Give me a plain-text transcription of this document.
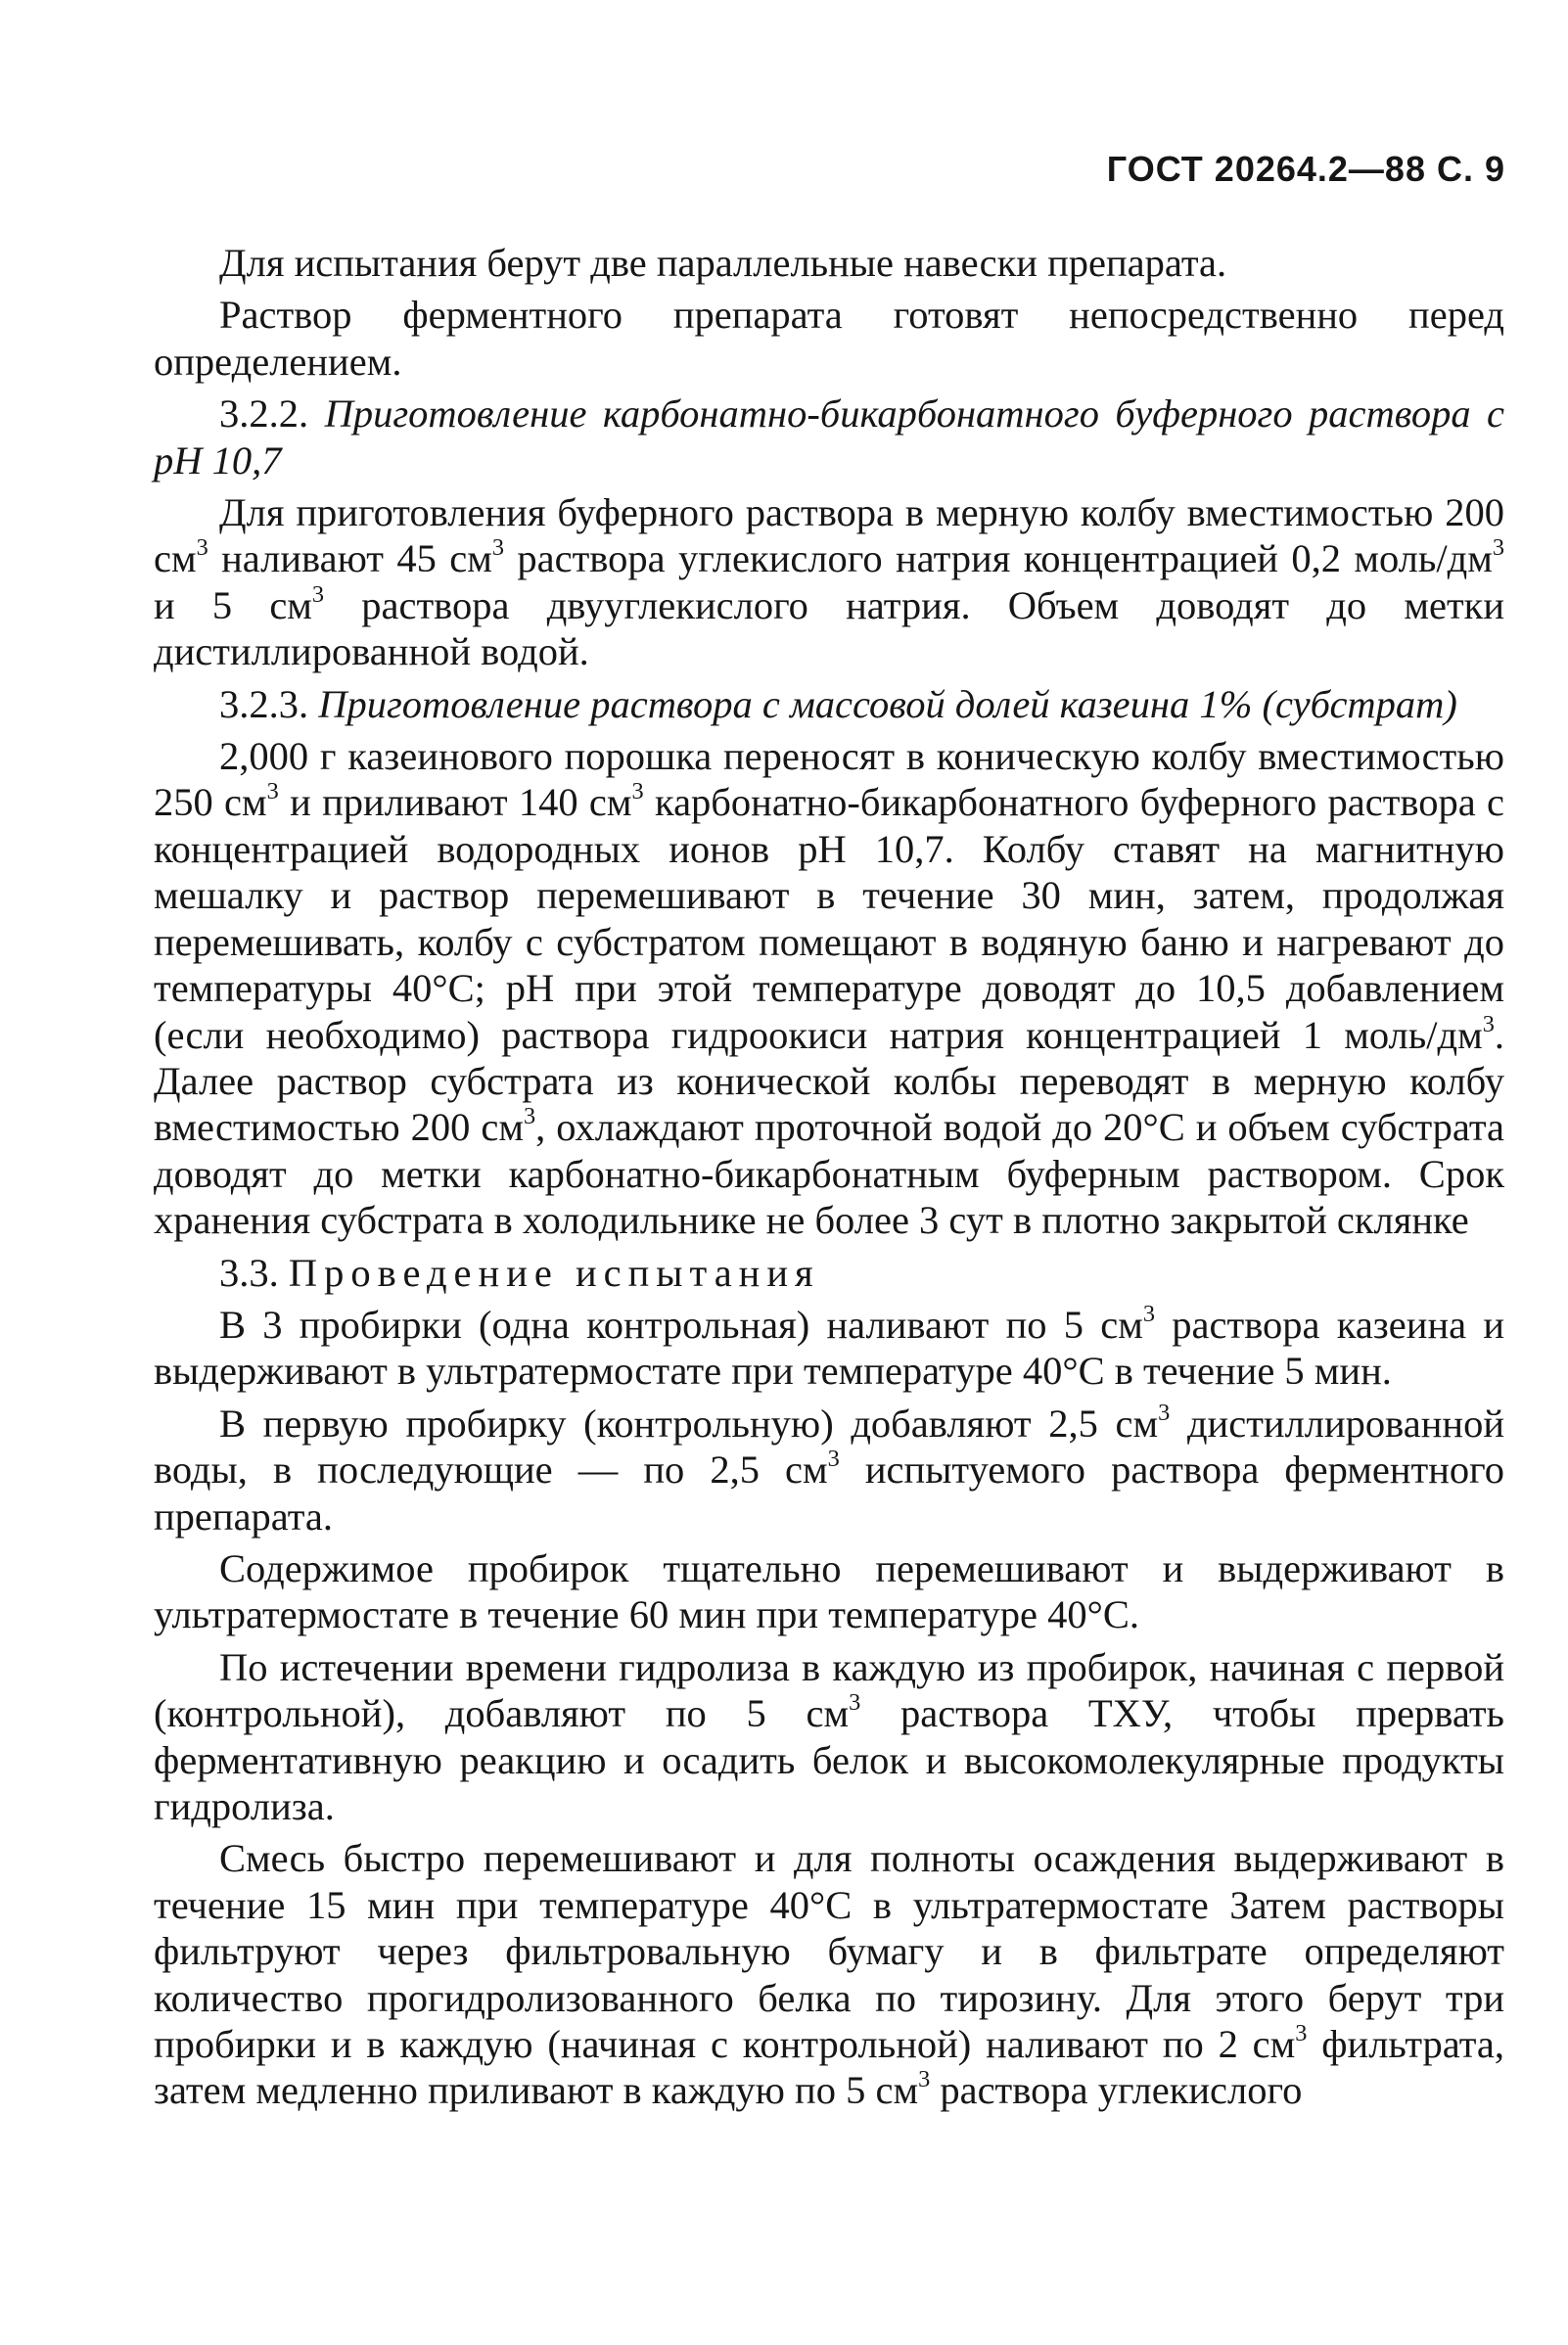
ГОСТ 20264.2—88 С. 9

Для испытания берут две параллельные навески препарата.

Раствор ферментного препарата готовят непосредственно перед определением.

3.2.2. Приготовление карбонатно-бикарбонатного буферного раствора с pH 10,7

Для приготовления буферного раствора в мерную колбу вместимостью 200 $см^3$ наливают 45 $см^3$ раствора углекислого натрия концентрацией 0,2 моль/$дм^3$ и 5 $см^3$ раствора двууглекислого натрия. Объем доводят до метки дистиллированной водой.

3.2.3. Приготовление раствора с массовой долей казеина 1% (субстрат)

2,000 г казеинового порошка переносят в коническую колбу вместимостью 250 $см^3$ и приливают 140 $см^3$ карбонатно-бикарбонатного буферного раствора с концентрацией водородных ионов pH 10,7. Колбу ставят на магнитную мешалку и раствор перемешивают в течение 30 мин, затем, продолжая перемешивать, колбу с субстратом помещают в водяную баню и нагревают до температуры 40°С; pH при этой температуре доводят до 10,5 добавлением (если необходимо) раствора гидроокиси натрия концентрацией 1 моль/$дм^3$. Далее раствор субстрата из конической колбы переводят в мерную колбу вместимостью 200 $см^3$, охлаждают проточной водой до 20°С и объем субстрата доводят до метки карбонатно-бикарбонатным буферным раствором. Срок хранения субстрата в холодильнике не более 3 сут в плотно закрытой склянке

3.3. Проведение испытания

В 3 пробирки (одна контрольная) наливают по 5 $см^3$ раствора казеина и выдерживают в ультратермостате при температуре 40°С в течение 5 мин.

В первую пробирку (контрольную) добавляют 2,5 $см^3$ дистиллированной воды, в последующие — по 2,5 $см^3$ испытуемого раствора ферментного препарата.

Содержимое пробирок тщательно перемешивают и выдерживают в ультратермостате в течение 60 мин при температуре 40°С.

По истечении времени гидролиза в каждую из пробирок, начиная с первой (контрольной), добавляют по 5 $см^3$ раствора ТХУ, чтобы прервать ферментативную реакцию и осадить белок и высокомолекулярные продукты гидролиза.

Смесь быстро перемешивают и для полноты осаждения выдерживают в течение 15 мин при температуре 40°С в ультратермостате Затем растворы фильтруют через фильтровальную бумагу и в фильтрате определяют количество прогидролизованного белка по тирозину. Для этого берут три пробирки и в каждую (начиная с контрольной) наливают по 2 $см^3$ фильтрата, затем медленно приливают в каждую по 5 $см^3$ раствора углекислого
